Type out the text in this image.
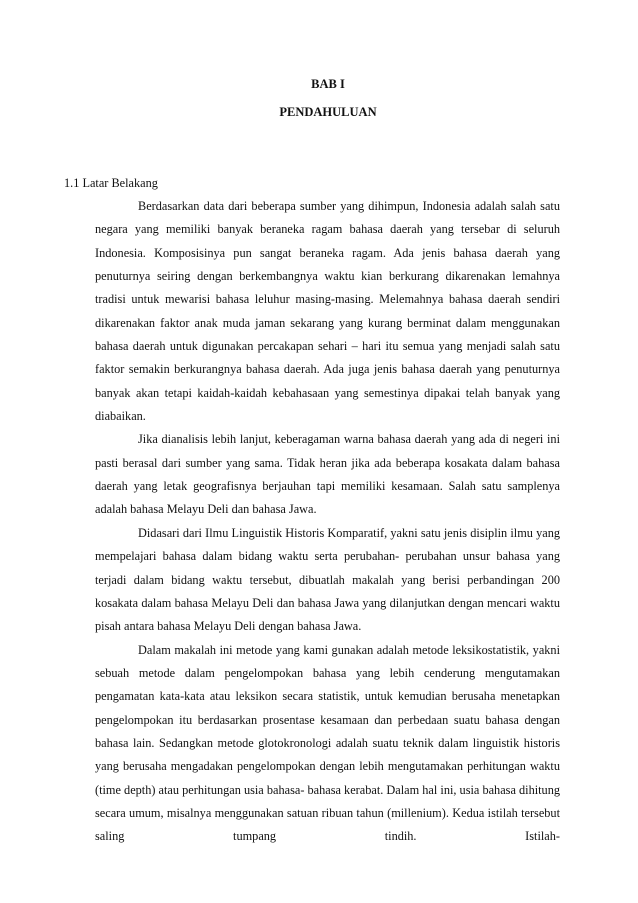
BAB I
PENDAHULUAN
1.1 Latar Belakang

Berdasarkan data dari beberapa sumber yang dihimpun, Indonesia adalah salah satu negara yang memiliki banyak beraneka ragam bahasa daerah yang tersebar di seluruh Indonesia. Komposisinya pun sangat beraneka ragam. Ada jenis bahasa daerah yang penuturnya seiring dengan berkembangnya waktu kian berkurang dikarenakan lemahnya tradisi untuk mewarisi bahasa leluhur masing-masing. Melemahnya bahasa daerah sendiri dikarenakan faktor anak muda jaman sekarang yang kurang berminat dalam menggunakan bahasa daerah untuk digunakan percakapan sehari – hari itu semua yang menjadi salah satu faktor semakin berkurangnya bahasa daerah. Ada juga jenis bahasa daerah yang penuturnya banyak akan tetapi kaidah-kaidah kebahasaan yang semestinya dipakai telah banyak yang diabaikan.

Jika dianalisis lebih lanjut, keberagaman warna bahasa daerah yang ada di negeri ini pasti berasal dari sumber yang sama. Tidak heran jika ada beberapa kosakata dalam bahasa daerah yang letak geografisnya berjauhan tapi memiliki kesamaan. Salah satu samplenya adalah bahasa Melayu Deli dan bahasa Jawa.

Didasari dari Ilmu Linguistik Historis Komparatif, yakni satu jenis disiplin ilmu yang mempelajari bahasa dalam bidang waktu serta perubahan- perubahan unsur bahasa yang terjadi dalam bidang waktu tersebut, dibuatlah makalah yang berisi perbandingan 200 kosakata dalam bahasa Melayu Deli dan bahasa Jawa yang dilanjutkan dengan mencari waktu pisah antara bahasa Melayu Deli dengan bahasa Jawa.

Dalam makalah ini metode yang kami gunakan adalah metode leksikostatistik, yakni sebuah metode dalam pengelompokan bahasa yang lebih cenderung mengutamakan pengamatan kata-kata atau leksikon secara statistik, untuk kemudian berusaha menetapkan pengelompokan itu berdasarkan prosentase kesamaan dan perbedaan suatu bahasa dengan bahasa lain. Sedangkan metode glotokronologi adalah suatu teknik dalam linguistik historis yang berusaha mengadakan pengelompokan dengan lebih mengutamakan perhitungan waktu (time depth) atau perhitungan usia bahasa- bahasa kerabat. Dalam hal ini, usia bahasa dihitung secara umum, misalnya menggunakan satuan ribuan tahun (millenium). Kedua istilah tersebut saling tumpang tindih. Istilah-
